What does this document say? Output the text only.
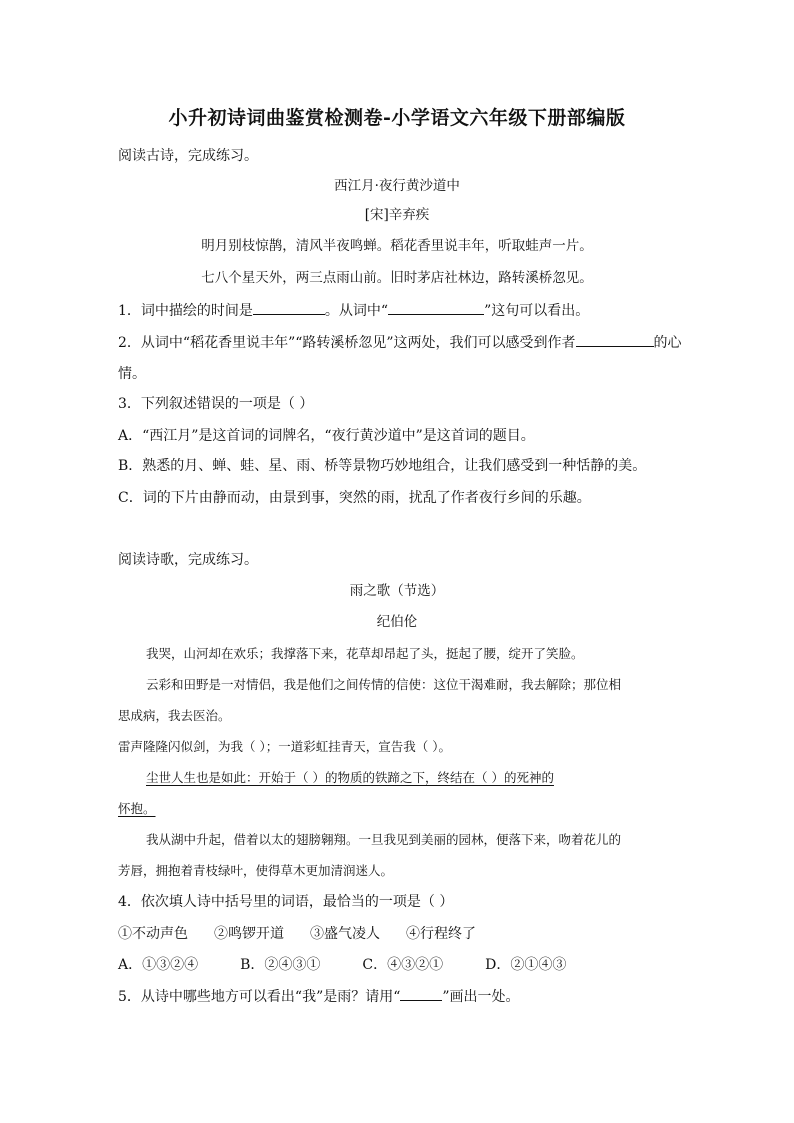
小升初诗词曲鉴赏检测卷-小学语文六年级下册部编版
阅读古诗，完成练习。
西江月·夜行黄沙道中
[宋]辛弃疾
明月别枝惊鹊，清风半夜鸣蝉。稻花香里说丰年，听取蛙声一片。
七八个星天外，两三点雨山前。旧时茅店社林边，路转溪桥忽见。
1．词中描绘的时间是	。从词中“	”这句可以看出。
2．从词中“稻花香里说丰年”“路转溪桥忽见”这两处，我们可以感受到作者	的心
情。
3．下列叙述错误的一项是（ ）
A．“西江月”是这首词的词牌名，“夜行黄沙道中”是这首词的题目。
B．熟悉的月、蝉、蛙、星、雨、桥等景物巧妙地组合，让我们感受到一种恬静的美。
C．词的下片由静而动，由景到事，突然的雨，扰乱了作者夜行乡间的乐趣。
阅读诗歌，完成练习。
雨之歌（节选）
纪伯伦
我哭，山河却在欢乐；我撑落下来，花草却昂起了头，挺起了腰，绽开了笑脸。
云彩和田野是一对情侣，我是他们之间传情的信使：这位干渴难耐，我去解除；那位相
思成病，我去医治。
雷声隆隆闪似剑，为我（ ）；一道彩虹挂青天，宣告我（ ）。
尘世人生也是如此：开始于（ ）的物质的铁蹄之下，终结在（ ）的死神的
怀抱。
我从湖中升起，借着以太的翅膀翱翔。一旦我见到美丽的园林，便落下来，吻着花儿的
芳唇，拥抱着青枝绿叶，使得草木更加清润迷人。
4．依次填人诗中括号里的词语，最恰当的一项是（ ）
①不动声色 ②鸣锣开道 ③盛气凌人 ④行程终了
A．①③②④	B．②④③①	C．④③②①	D．②①④③
5．从诗中哪些地方可以看出“我”是雨？请用“	”画出一处。
